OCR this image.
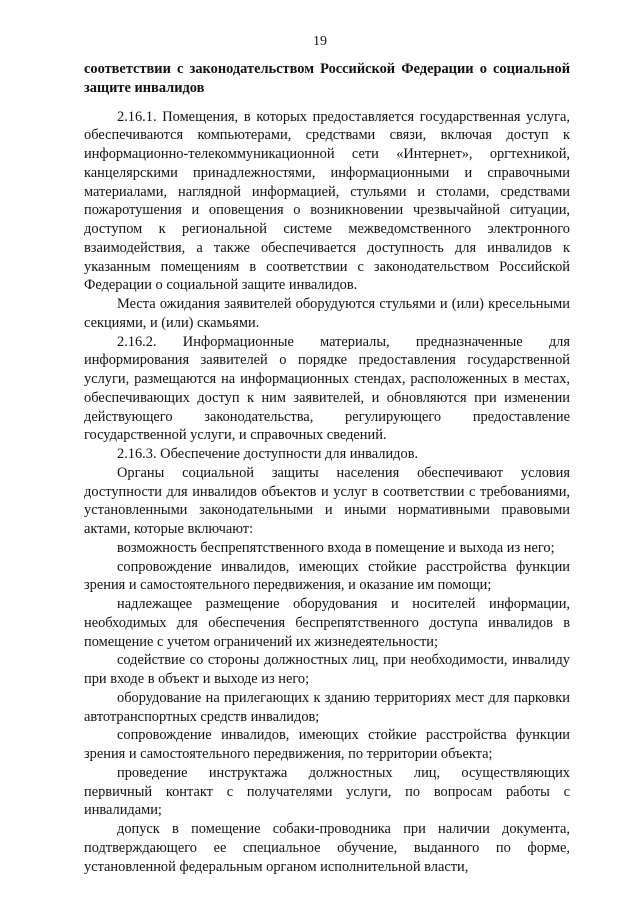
19

соответствии с законодательством Российской Федерации о социальной защите инвалидов

2.16.1. Помещения, в которых предоставляется государственная услуга, обеспечиваются компьютерами, средствами связи, включая доступ к информационно-телекоммуникационной сети «Интернет», оргтехникой, канцелярскими принадлежностями, информационными и справочными материалами, наглядной информацией, стульями и столами, средствами пожаротушения и оповещения о возникновении чрезвычайной ситуации, доступом к региональной системе межведомственного электронного взаимодействия, а также обеспечивается доступность для инвалидов к указанным помещениям в соответствии с законодательством Российской Федерации о социальной защите инвалидов.

Места ожидания заявителей оборудуются стульями и (или) кресельными секциями, и (или) скамьями.

2.16.2. Информационные материалы, предназначенные для информирования заявителей о порядке предоставления государственной услуги, размещаются на информационных стендах, расположенных в местах, обеспечивающих доступ к ним заявителей, и обновляются при изменении действующего законодательства, регулирующего предоставление государственной услуги, и справочных сведений.

2.16.3. Обеспечение доступности для инвалидов.

Органы социальной защиты населения обеспечивают условия доступности для инвалидов объектов и услуг в соответствии с требованиями, установленными законодательными и иными нормативными правовыми актами, которые включают:

возможность беспрепятственного входа в помещение и выхода из него;

сопровождение инвалидов, имеющих стойкие расстройства функции зрения и самостоятельного передвижения, и оказание им помощи;

надлежащее размещение оборудования и носителей информации, необходимых для обеспечения беспрепятственного доступа инвалидов в помещение с учетом ограничений их жизнедеятельности;

содействие со стороны должностных лиц, при необходимости, инвалиду при входе в объект и выходе из него;

оборудование на прилегающих к зданию территориях мест для парковки автотранспортных средств инвалидов;

сопровождение инвалидов, имеющих стойкие расстройства функции зрения и самостоятельного передвижения, по территории объекта;

проведение инструктажа должностных лиц, осуществляющих первичный контакт с получателями услуги, по вопросам работы с инвалидами;

допуск в помещение собаки-проводника при наличии документа, подтверждающего ее специальное обучение, выданного по форме, установленной федеральным органом исполнительной власти,
